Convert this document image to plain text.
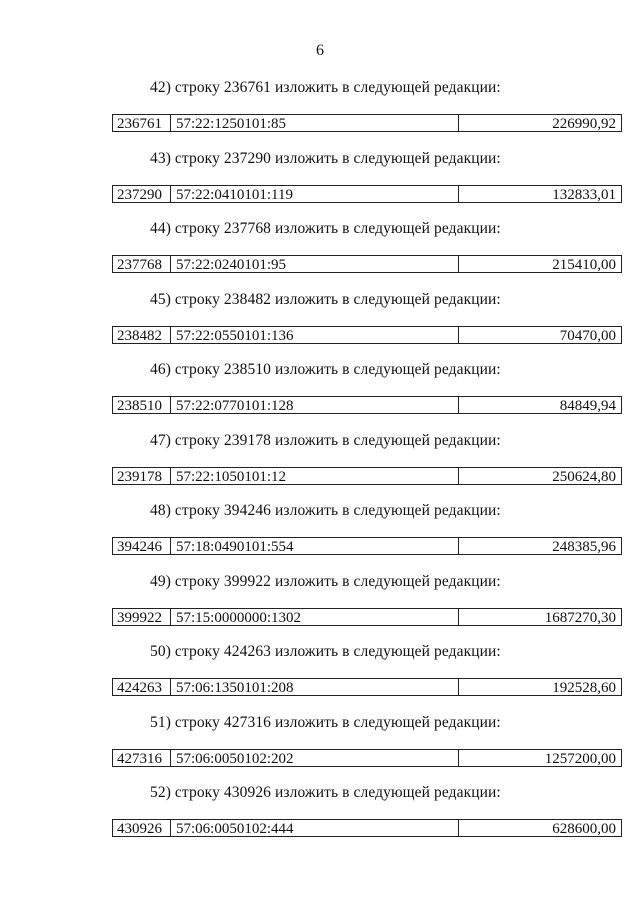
6
42) строку 236761 изложить в следующей редакции:
236761 57:22:1250101:85	226990,92
43) строку 237290 изложить в следующей редакции:
237290 57:22:0410101:119	132833,01
44) строку 237768 изложить в следующей редакции:
237768 57:22:0240101:95	215410,00
45) строку 238482 изложить в следующей редакции:
238482 57:22:0550101:136	70470,00
46) строку 238510 изложить в следующей редакции:
238510 57:22:0770101:128	84849,94
47) строку 239178 изложить в следующей редакции:
239178 57:22:1050101:12	250624,80
48) строку 394246 изложить в следующей редакции:
394246 57:18:0490101:554	248385,96
49) строку 399922 изложить в следующей редакции:
399922 57:15:0000000:1302	1687270,30
50) строку 424263 изложить в следующей редакции:
424263 57:06:1350101:208	192528,60
51) строку 427316 изложить в следующей редакции:
427316 57:06:0050102:202	1257200,00
52) строку 430926 изложить в следующей редакции:
430926 57:06:0050102:444	628600,00
